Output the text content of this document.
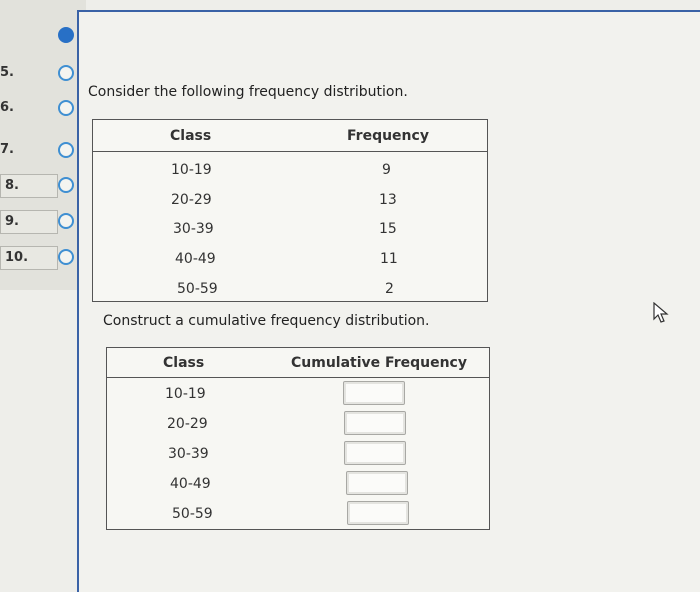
5.
6.
7.
8.
9.
10.
Consider the following frequency distribution.
Class	Frequency
10-19	9
20-29	13
30-39	15
40-49	11
50-59	2
Construct a cumulative frequency distribution.
Class	Cumulative Frequency
10-19
20-29
30-39
40-49
50-59
